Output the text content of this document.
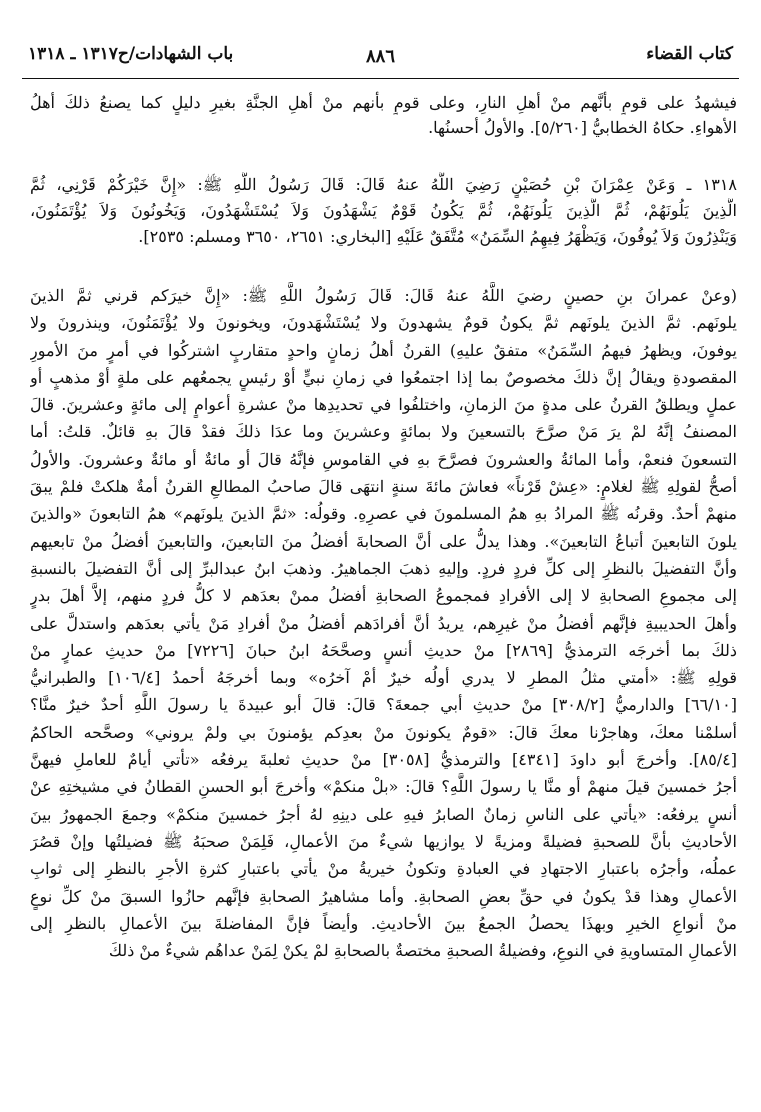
كتاب القضاء
٨٨٦
باب الشهادات/ح١٣١٧ ـ ١٣١٨
فيشهدُ على قومٍ بأنَّهم منْ أهلِ النارِ، وعلى قومٍ بأنهم منْ أهلِ الجنَّةِ بغيرِ دليلٍ كما يصنعُ ذلكَ أهلُ
الأهواءِ. حكاهُ الخطابيُّ [٥/٢٦٠]. والأولُ أحسنُها.
١٣١٨ ـ وَعَنْ عِمْرَانَ بْنِ حُصَيْنٍ رَضِيَ اللَّهُ عنهُ قَالَ: قَالَ رَسُولُ اللَّهِ ﷺ: «إِنَّ خَيْرَكُمْ قَرْنِي، ثُمَّ
الَّذِينَ يَلُونَهُمْ، ثُمَّ الَّذِينَ يَلُونَهُمْ، ثُمَّ يَكُونُ قَوْمٌ يَشْهَدُونَ وَلاَ يُسْتَشْهَدُونَ، وَيَخُونُونَ وَلاَ يُؤْتَمَنُونَ،
وَيَنْذِرُونَ وَلاَ يُوفُونَ، وَيَظْهَرُ فِيهِمُ السِّمَنُ» مُتَّفَقٌ عَلَيْهِ [البخاري: ٢٦٥١، ٣٦٥٠ ومسلم: ٢٥٣٥].
(وعنْ عمرانَ بنِ حصينٍ رضيَ اللَّهُ عنهُ قَالَ: قَالَ رَسُولُ اللَّهِ ﷺ: «إِنَّ خيرَكم قرني ثمَّ الذينَ
يلونَهم. ثمَّ الذينَ يلونَهم ثمَّ يكونُ قومٌ يشهدونَ ولا يُسْتَشْهَدونَ، ويخونونَ ولا يُؤْتَمَنُونَ، وينذرونَ ولا
يوفونَ، ويظهرُ فيهمُ السِّمَنُ» متفقٌ عليهِ) القرنُ أهلُ زمانٍ واحدٍ متقاربٍ اشتركُوا في أمرٍ منَ الأمورِ
المقصودةِ ويقالُ إنَّ ذلكَ مخصوصٌ بما إذا اجتمعُوا في زمانِ نبيٍّ أوْ رئيسٍ يجمعُهم على ملةٍ أوْ مذهبٍ أو
عملٍ ويطلقُ القرنُ على مدةٍ منَ الزمانِ، واختلفُوا في تحديدِها منْ عشرةِ أعوامٍ إلى مائةٍ وعشرينَ. قالَ
المصنفُ إنَّهُ لمْ يرَ مَنْ صرَّحَ بالتسعينَ ولا بمائةٍ وعشرينَ وما عدَا ذلكَ فقدْ قالَ بهِ قائلٌ. قلتُ: أما
التسعونَ فنعمْ، وأما المائةُ والعشرونَ فصرَّحَ بهِ في القاموسِ فإنَّهُ قالَ أو مائةٌ أو مائةٌ وعشرونَ. والأولُ
أصحُّ لقولِهِ ﷺ لغلامٍ: «عِشْ قَرْناً» فعاشَ مائةَ سنةٍ انتهَى قالَ صاحبُ المطالعِ القرنُ أمةٌ هلكتْ فلمْ يبقَ
منهمْ أحدٌ. وقرنُه ﷺ المرادُ بهِ همُ المسلمونَ في عصرِهِ. وقولُه: «ثمَّ الذينَ يلونَهم» همُ التابعونَ «والذينَ
يلونَ التابعينَ أتباعُ التابعينَ». وهذا يدلُّ على أنَّ الصحابةَ أفضلُ منَ التابعينَ، والتابعينَ أفضلُ منْ تابعيهم
وأنَّ التفضيلَ بالنظرِ إلى كلِّ فردٍ فردٍ. وإليهِ ذهبَ الجماهيرُ. وذهبَ ابنُ عبدالبرِّ إلى أنَّ التفضيلَ بالنسبةِ
إلى مجموعِ الصحابةِ لا إلى الأفرادِ فمجموعُ الصحابةِ أفضلُ ممنْ بعدَهم لا كلُّ فردٍ منهم، إلاَّ أهلَ بدرٍ
وأهلَ الحديبيةِ فإنَّهم أفضلُ منْ غيرِهم، يريدُ أنَّ أفرادَهم أفضلُ منْ أفرادِ مَنْ يأتي بعدَهم واستدلَّ على
ذلكَ بما أخرجَه الترمذيُّ [٢٨٦٩] منْ حديثِ أنسٍ وصحَّحَهُ ابنُ حبانَ [٧٢٢٦] منْ حديثِ عمارٍ منْ
قولِهِ ﷺ: «أمتي مثلُ المطرِ لا يدري أولُه خيرٌ أمْ آخرُه» وبما أخرجَهُ أحمدُ [١٠٦/٤] والطبرانيُّ
[٦٦/١٠] والدارميُّ [٣٠٨/٢] منْ حديثِ أبي جمعةَ؟ قالَ: قالَ أبو عبيدةَ يا رسولَ اللَّهِ أحدٌ خيرٌ منَّا؟
أسلمْنا معكَ، وهاجرْنا معكَ قالَ: «قومٌ يكونونَ منْ بعدِكم يؤمنونَ بي ولمْ يروني» وصحَّحه الحاكمُ
[٨٥/٤]. وأخرجَ أبو داودَ [٤٣٤١] والترمذيُّ [٣٠٥٨] منْ حديثِ ثعلبةَ يرفعُه «تأتي أيامٌ للعاملِ فيهنَّ
أجرُ خمسينَ قيلَ منهمْ أو منَّا يا رسولَ اللَّهِ؟ قالَ: «بلْ منكمْ» وأخرجَ أبو الحسنِ القطانُ في مشيختِهِ عنْ
أنسٍ يرفعُه: «يأتي على الناسِ زمانٌ الصابرُ فيهِ على دينِهِ لهُ أجرُ خمسينَ منكمْ» وجمعَ الجمهورُ بينَ
الأحاديثِ بأنَّ للصحبةِ فضيلةً ومزيةً لا يوازيها شيءٌ منَ الأعمالِ، فَلِمَنْ صحبَهُ ﷺ فضيلتُها وإنْ قصُرَ
عملُه، وأجرُه باعتبارِ الاجتهادِ في العبادةِ وتكونُ خيريةُ منْ يأتي باعتبارِ كثرةِ الأجرِ بالنظرِ إلى ثوابِ
الأعمالِ وهذا قدْ يكونُ في حقِّ بعضِ الصحابةِ. وأما مشاهيرُ الصحابةِ فإنَّهم حازُوا السبقَ منْ كلِّ نوعٍ
منْ أنواعِ الخيرِ وبهذَا يحصلُ الجمعُ بينَ الأحاديثِ. وأيضاً فإنَّ المفاضلةَ بينَ الأعمالِ بالنظرِ إلى
الأعمالِ المتساويةِ في النوعِ، وفضيلةُ الصحبةِ مختصةٌ بالصحابةِ لمْ يكنْ لِمَنْ عداهُم شيءٌ منْ ذلكَ
